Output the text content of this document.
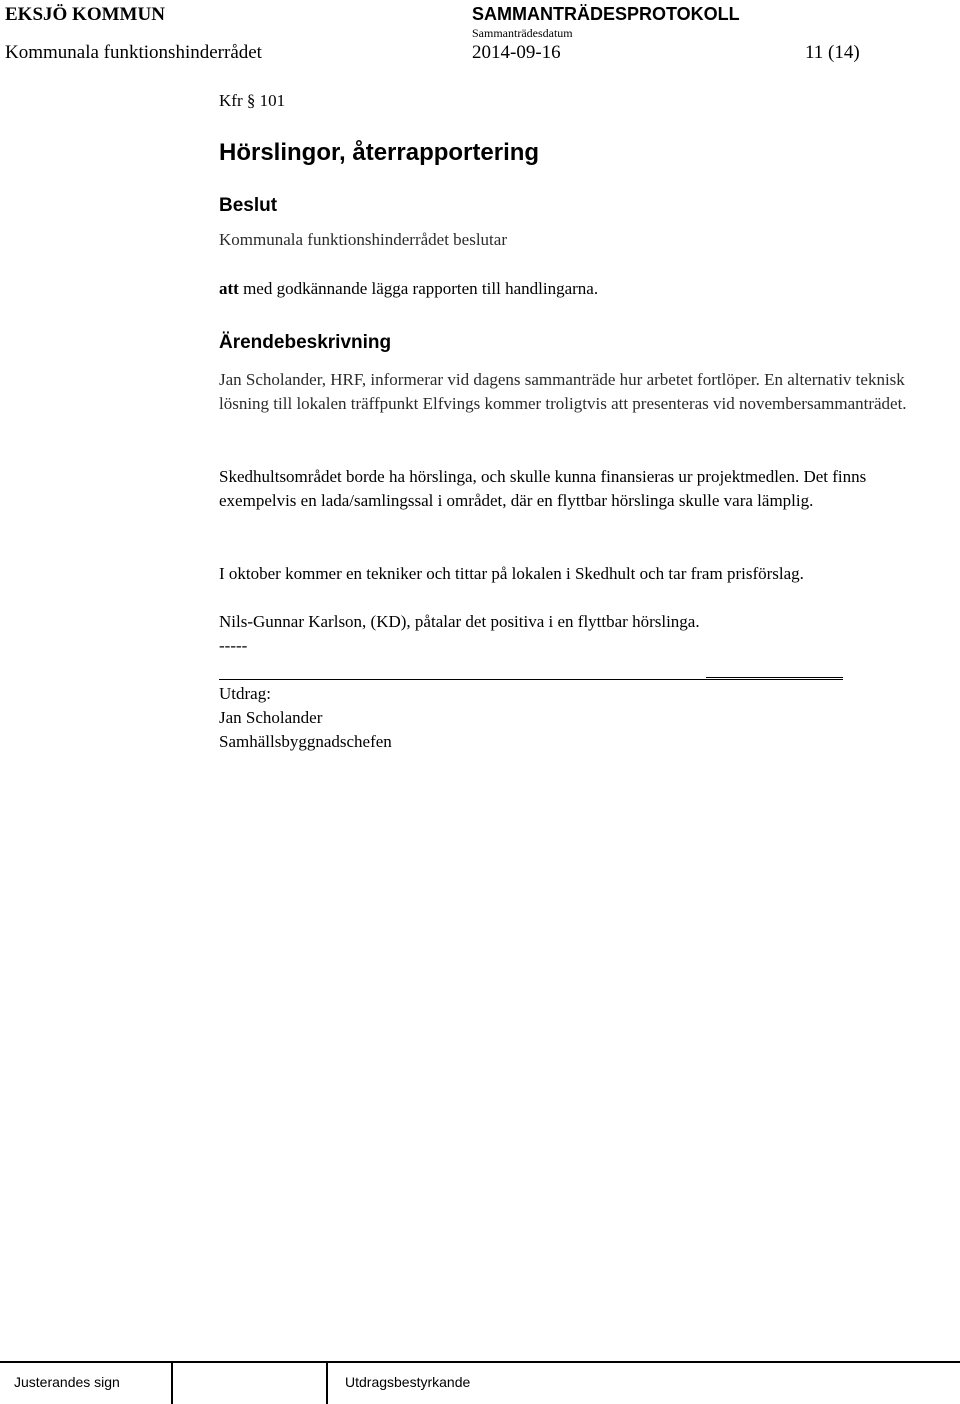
EKSJÖ KOMMUN	SAMMANTRÄDESPROTOKOLL
Sammanträdesdatum
Kommunala funktionshinderrådet	2014-09-16	11 (14)
Kfr § 101
Hörslingor, återrapportering
Beslut
Kommunala funktionshinderrådet beslutar
att med godkännande lägga rapporten till handlingarna.
Ärendebeskrivning
Jan Scholander, HRF, informerar vid dagens sammanträde hur arbetet fortlöper. En alternativ teknisk lösning till lokalen träffpunkt Elfvings kommer troligtvis att presenteras vid novembersammanträdet.
Skedhultsområdet borde ha hörslinga, och skulle kunna finansieras ur projektmedlen. Det finns exempelvis en lada/samlingssal i området, där en flyttbar hörslinga skulle vara lämplig.
I oktober kommer en tekniker och tittar på lokalen i Skedhult och tar fram prisförslag.
Nils-Gunnar Karlson, (KD), påtalar det positiva i en flyttbar hörslinga.
-----
Utdrag:
Jan Scholander
Samhällsbyggnadschefen
Justerandes sign	Utdragsbestyrkande
